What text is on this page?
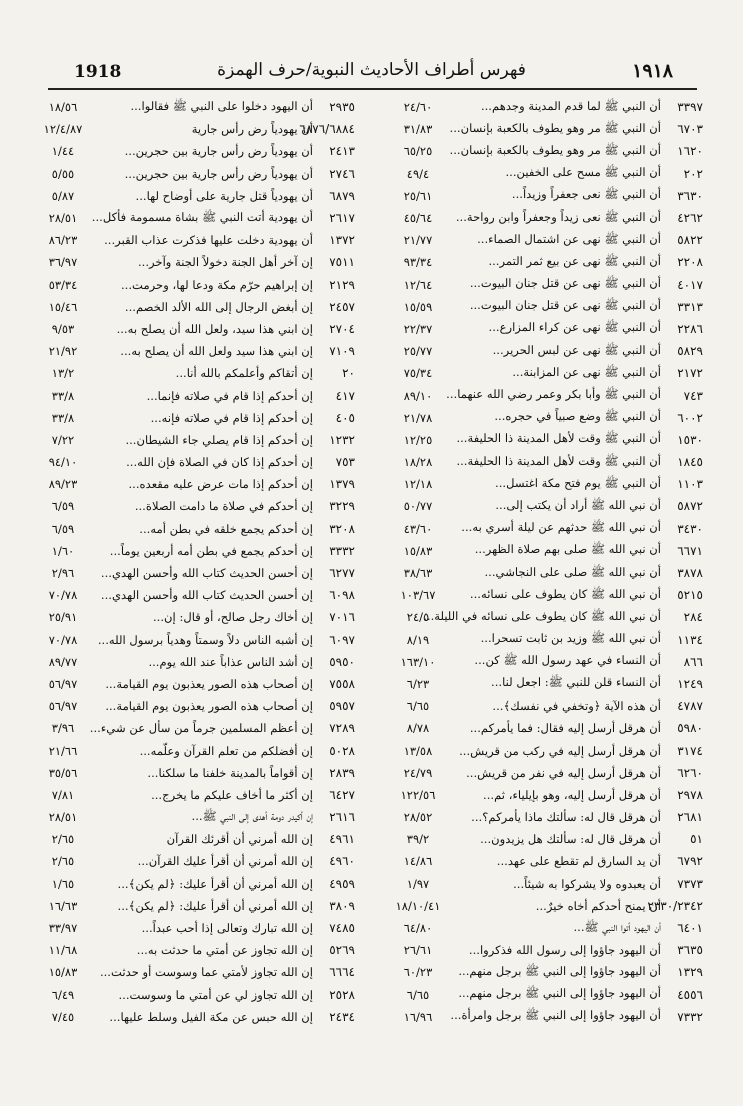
1918	فهرس أطراف الأحاديث النبوية/حرف الهمزة	١٩١٨
٣٣٩٧
أن النبي ﷺ لما قدم المدينة وجدهم...
٢٤/٦٠
٦٧٠٣
أن النبي ﷺ مر وهو يطوف بالكعبة بإنسان...
٣١/٨٣
١٦٢٠
أن النبي ﷺ مر وهو يطوف بالكعبة بإنسان...
٦٥/٢٥
٢٠٢
أن النبي ﷺ مسح على الخفين...
٤٩/٤
٣٦٣٠
أن النبي ﷺ نعى جعفراً وزيداً...
٢٥/٦١
٤٢٦٢
أن النبي ﷺ نعى زيداً وجعفراً وابن رواحة...
٤٥/٦٤
٥٨٢٢
أن النبي ﷺ نهى عن اشتمال الصماء...
٢١/٧٧
٢٢٠٨
أن النبي ﷺ نهى عن بيع ثمر التمر...
٩٣/٣٤
٤٠١٧
أن النبي ﷺ نهى عن قتل جنان البيوت...
١٢/٦٤
٣٣١٣
أن النبي ﷺ نهى عن قتل جنان البيوت...
١٥/٥٩
٢٢٨٦
أن النبي ﷺ نهى عن كراء المزارع...
٢٢/٣٧
٥٨٢٩
أن النبي ﷺ نهى عن لبس الحرير...
٢٥/٧٧
٢١٧٢
أن النبي ﷺ نهى عن المزابنة...
٧٥/٣٤
٧٤٣
أن النبي ﷺ وأبا بكر وعمر رضي الله عنهما...
٨٩/١٠
٦٠٠٢
أن النبي ﷺ وضع صبياً في حجره...
٢١/٧٨
١٥٣٠
أن النبي ﷺ وقت لأهل المدينة ذا الحليفة...
١٢/٢٥
١٨٤٥
أن النبي ﷺ وقت لأهل المدينة ذا الحليفة...
١٨/٢٨
١١٠٣
أن النبي ﷺ يوم فتح مكة اغتسل...
١٢/١٨
٥٨٧٢
أن نبي الله ﷺ أراد أن يكتب إلى...
٥٠/٧٧
٣٤٣٠
أن نبي الله ﷺ حدثهم عن ليلة أسري به...
٤٣/٦٠
٦٦٧١
أن نبي الله ﷺ صلى بهم صلاة الظهر...
١٥/٨٣
٣٨٧٨
أن نبي الله ﷺ صلى على النجاشي...
٣٨/٦٣
٥٢١٥
أن نبي الله ﷺ كان يطوف على نسائه...
١٠٣/٦٧
٢٨٤
أن نبي الله ﷺ كان يطوف على نسائه في الليلة...
٢٤/٥
١١٣٤
أن نبي الله ﷺ وزيد بن ثابت تسحرا...
٨/١٩
٨٦٦
أن النساء في عهد رسول الله ﷺ كن...
١٦٣/١٠
١٢٤٩
أن النساء قلن للنبي ﷺ: اجعل لنا...
٦/٢٣
٤٧٨٧
أن هذه الآية ﴿وتخفي في نفسك﴾...
٦/٦٥
٥٩٨٠
أن هرقل أرسل إليه فقال: فما يأمركم...
٨/٧٨
٣١٧٤
أن هرقل أرسل إليه في ركب من قريش...
١٣/٥٨
٦٢٦٠
أن هرقل أرسل إليه في نفر من قريش...
٢٤/٧٩
٢٩٧٨
أن هرقل أرسل إليه، وهو بإيلياء، ثم...
١٢٢/٥٦
٢٦٨١
أن هرقل قال له: سألتك ماذا يأمركم؟...
٢٨/٥٢
٥١
أن هرقل قال له: سألتك هل يزيدون...
٣٩/٢
٦٧٩٢
أن يد السارق لم تقطع على عهد...
١٤/٨٦
٧٣٧٣
أن يعبدوه ولا يشركوا به شيئاً...
١/٩٧
٢٣٣٠/٢٣٤٢
أن يمنح أحدكم أخاه خيرٌ...
١٨/١٠/٤١
٦٤٠١
أن اليهود أتوا النبي ﷺ...
٦٤/٨٠
٣٦٣٥
أن اليهود جاؤوا إلى رسول الله فذكروا...
٢٦/٦١
١٣٢٩
أن اليهود جاؤوا إلى النبي ﷺ برجل منهم...
٦٠/٢٣
٤٥٥٦
أن اليهود جاؤوا إلى النبي ﷺ برجل منهم...
٦/٦٥
٧٣٣٢
أن اليهود جاؤوا إلى النبي ﷺ برجل وامرأة...
١٦/٩٦
٢٩٣٥
أن اليهود دخلوا على النبي ﷺ فقالوا...
١٨/٥٦
٦٨٧٦/٦٨٨٤
أن يهودياً رض رأس جارية
١٢/٤/٨٧
٢٤١٣
أن يهودياً رض رأس جارية بين حجرين...
١/٤٤
٢٧٤٦
أن يهودياً رض رأس جارية بين حجرين...
٥/٥٥
٦٨٧٩
أن يهودياً قتل جارية على أوضاح لها...
٥/٨٧
٢٦١٧
أن يهودية أتت النبي ﷺ بشاة مسمومة فأكل...
٢٨/٥١
١٣٧٢
أن يهودية دخلت عليها فذكرت عذاب القبر...
٨٦/٢٣
٧٥١١
إن آخر أهل الجنة دخولاً الجنة وآخر...
٣٦/٩٧
٢١٢٩
إن إبراهيم حرّم مكة ودعا لها، وحرمت...
٥٣/٣٤
٢٤٥٧
إن أبغض الرجال إلى الله الألد الخصم...
١٥/٤٦
٢٧٠٤
إن ابني هذا سيد، ولعل الله أن يصلح به...
٩/٥٣
٧١٠٩
إن ابني هذا سيد ولعل الله أن يصلح به...
٢١/٩٢
٢٠
إن أتقاكم وأعلمكم بالله أنا...
١٣/٢
٤١٧
إن أحدكم إذا قام في صلاته فإنما...
٣٣/٨
٤٠٥
إن أحدكم إذا قام في صلاته فإنه...
٣٣/٨
١٢٣٢
إن أحدكم إذا قام يصلي جاء الشيطان...
٧/٢٢
٧٥٣
إن أحدكم إذا كان في الصلاة فإن الله...
٩٤/١٠
١٣٧٩
إن أحدكم إذا مات عرض عليه مقعده...
٨٩/٢٣
٣٢٢٩
إن أحدكم في صلاة ما دامت الصلاة...
٦/٥٩
٣٢٠٨
إن أحدكم يجمع خلقه في بطن أمه...
٦/٥٩
٣٣٣٢
إن أحدكم يجمع في بطن أمه أربعين يوماً...
١/٦٠
٦٢٧٧
إن أحسن الحديث كتاب الله وأحسن الهدي...
٢/٩٦
٦٠٩٨
إن أحسن الحديث كتاب الله وأحسن الهدي...
٧٠/٧٨
٧٠١٦
إن أخاك رجل صالح، أو قال: إن...
٢٥/٩١
٦٠٩٧
إن أشبه الناس دلاً وسمتاً وهدياً برسول الله...
٧٠/٧٨
٥٩٥٠
إن أشد الناس عذاباً عند الله يوم...
٨٩/٧٧
٧٥٥٨
إن أصحاب هذه الصور يعذبون يوم القيامة...
٥٦/٩٧
٥٩٥٧
إن أصحاب هذه الصور يعذبون يوم القيامة...
٥٦/٩٧
٧٢٨٩
إن أعظم المسلمين جرماً من سأل عن شيء...
٣/٩٦
٥٠٢٨
إن أفضلكم من تعلم القرآن وعلّمه...
٢١/٦٦
٢٨٣٩
إن أقواماً بالمدينة خلفنا ما سلكنا...
٣٥/٥٦
٦٤٢٧
إن أكثر ما أخاف عليكم ما يخرج...
٧/٨١
٢٦١٦
إن أكيدر دومة أهدى إلى النبي ﷺ...
٢٨/٥١
٤٩٦١
إن الله أمرني أن أقرئك القرآن
٢/٦٥
٤٩٦٠
إن الله أمرني أن أقرأ عليك القرآن...
٢/٦٥
٤٩٥٩
إن الله أمرني أن أقرأ عليك: ﴿لم يكن﴾...
١/٦٥
٣٨٠٩
إن الله أمرني أن أقرأ عليك: ﴿لم يكن﴾...
١٦/٦٣
٧٤٨٥
إن الله تبارك وتعالى إذا أحب عبداً...
٣٣/٩٧
٥٢٦٩
إن الله تجاوز عن أمتي ما حدثت به...
١١/٦٨
٦٦٦٤
إن الله تجاوز لأمتي عما وسوست أو حدثت...
١٥/٨٣
٢٥٢٨
إن الله تجاوز لي عن أمتي ما وسوست...
٦/٤٩
٢٤٣٤
إن الله حبس عن مكة الفيل وسلط عليها...
٧/٤٥
